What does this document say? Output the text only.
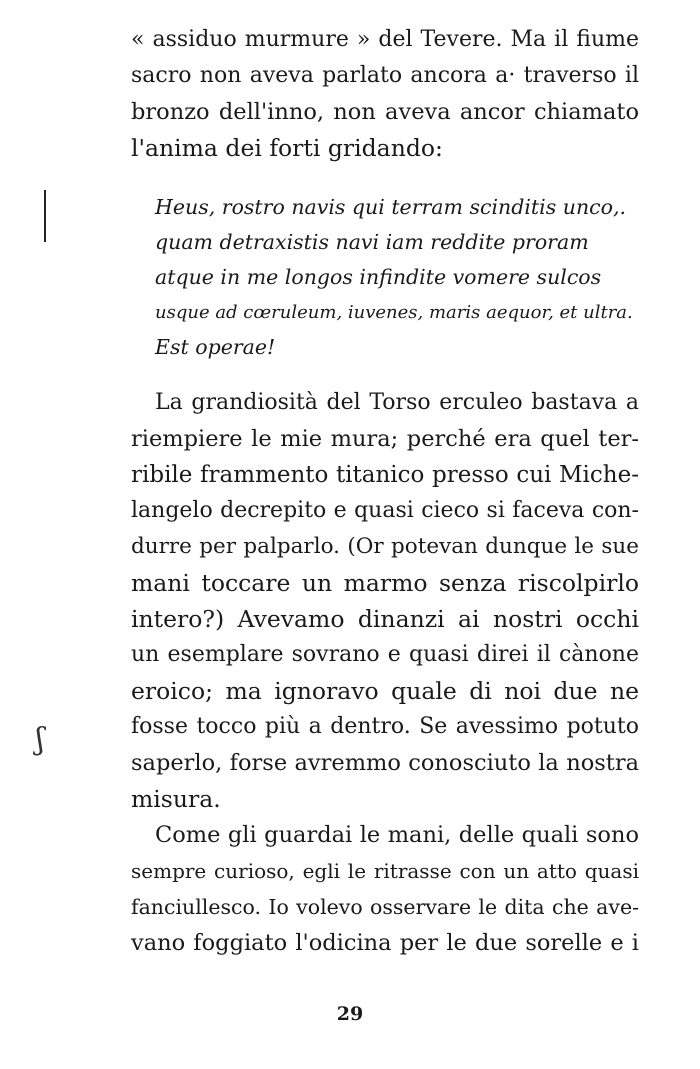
ʃ
« assiduo murmure » del Tevere. Ma il fiume
sacro non aveva parlato ancora a· traverso il
bronzo dell'inno, non aveva ancor chiamato
l'anima dei forti gridando:
Heus, rostro navis qui terram scinditis unco,.
quam detraxistis navi iam reddite proram
atque in me longos infindite vomere sulcos
usque ad cœruleum, iuvenes, maris aequor, et ultra.
Est operae!
La grandiosità del Torso erculeo bastava a
riempiere le mie mura; perché era quel ter-
ribile frammento titanico presso cui Miche-
langelo decrepito e quasi cieco si faceva con-
durre per palparlo. (Or potevan dunque le sue
mani toccare un marmo senza riscolpirlo
intero?) Avevamo dinanzi ai nostri occhi
un esemplare sovrano e quasi direi il cànone
eroico; ma ignoravo quale di noi due ne
fosse tocco più a dentro. Se avessimo potuto
saperlo, forse avremmo conosciuto la nostra
misura.
Come gli guardai le mani, delle quali sono
sempre curioso, egli le ritrasse con un atto quasi
fanciullesco. Io volevo osservare le dita che ave-
vano foggiato l'odicina per le due sorelle e i
29
